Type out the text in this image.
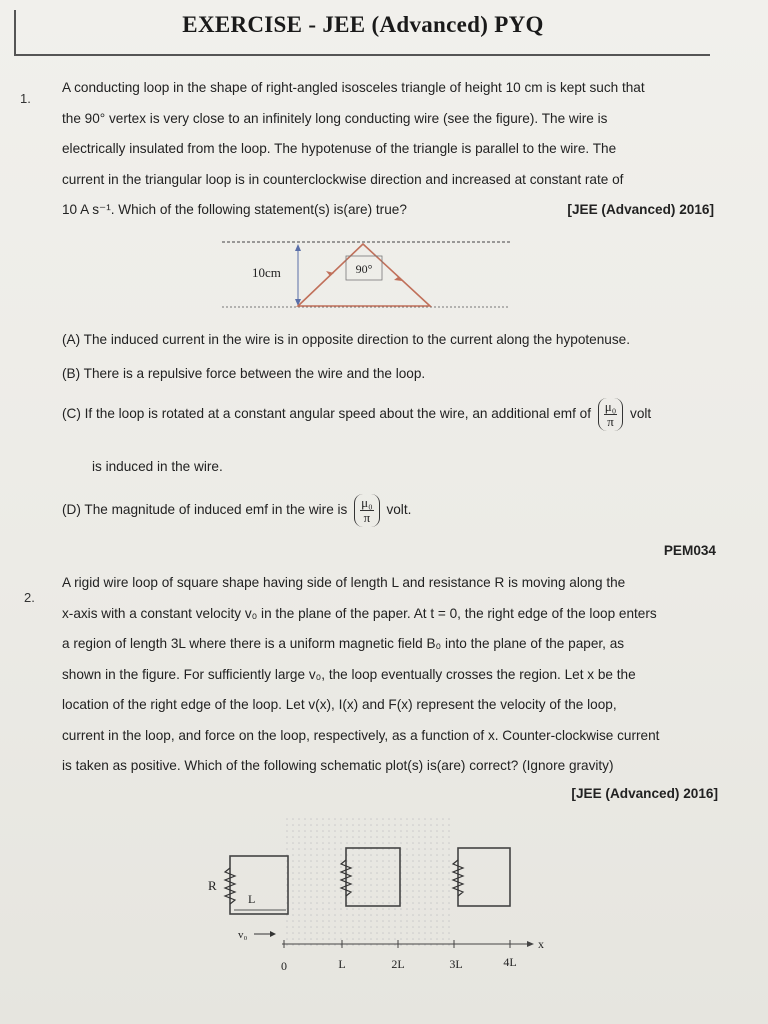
EXERCISE - JEE (Advanced) PYQ
1.
A conducting loop in the shape of right-angled isosceles triangle of height 10 cm is kept such that
the 90° vertex is very close to an infinitely long conducting wire (see the figure). The wire is
electrically insulated from the loop. The hypotenuse of the triangle is parallel to the wire. The
current in the triangular loop is in counterclockwise direction and increased at constant rate of
10 A s⁻¹. Which of the following statement(s) is(are) true?	[JEE (Advanced) 2016]
90°
10cm
(A) The induced current in the wire is in opposite direction to the current along the hypotenuse.
(B) There is a repulsive force between the wire and the loop.
(C) If the loop is rotated at a constant angular speed about the wire, an additional emf of $\frac{\text{μ₀}}{\pi}$ volt
is induced in the wire.
(D) The magnitude of induced emf in the wire is $\frac{\text{μ₀}}{\pi}$ volt.
PEM034
2.
A rigid wire loop of square shape having side of length L and resistance R is moving along the
x-axis with a constant velocity v₀ in the plane of the paper. At t = 0, the right edge of the loop enters
a region of length 3L where there is a uniform magnetic field B₀ into the plane of the paper, as
shown in the figure. For sufficiently large v₀, the loop eventually crosses the region. Let x be the
location of the right edge of the loop. Let v(x), I(x) and F(x) represent the velocity of the loop,
current in the loop, and force on the loop, respectively, as a function of x. Counter-clockwise current
is taken as positive. Which of the following schematic plot(s) is(are) correct? (Ignore gravity)
[JEE (Advanced) 2016]
R
L
v₀
x
0	L	2L	3L	4L
